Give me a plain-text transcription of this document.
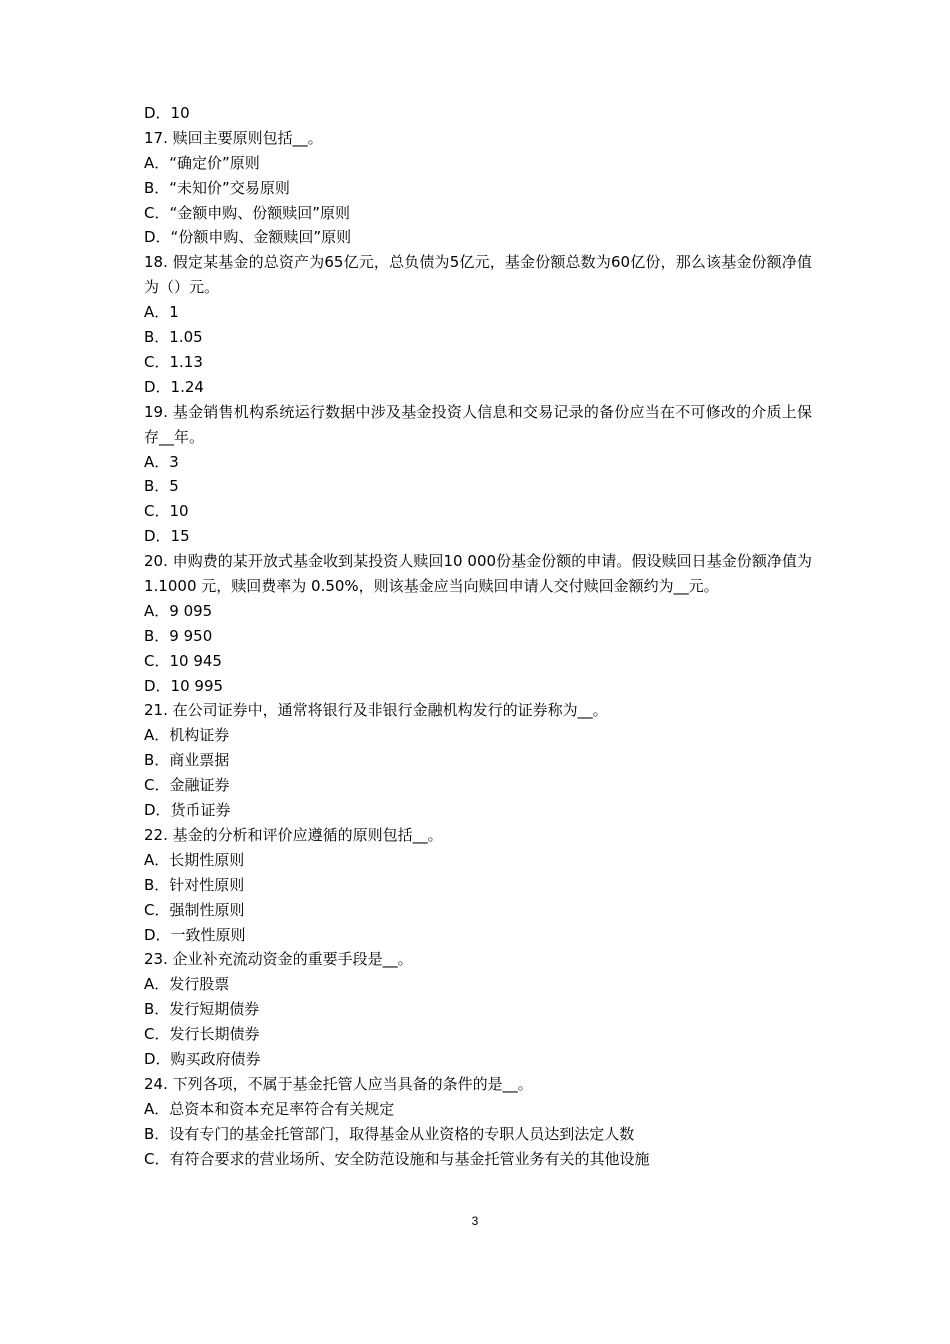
D．10
17. 赎回主要原则包括__。
A．“确定价”原则
B．“未知价”交易原则
C．“金额申购、份额赎回”原则
D．“份额申购、金额赎回”原则
18. 假定某基金的总资产为65亿元，总负债为5亿元，基金份额总数为60亿份，那么该基金份额净值为（）元。
A．1
B．1.05
C．1.13
D．1.24
19. 基金销售机构系统运行数据中涉及基金投资人信息和交易记录的备份应当在不可修改的介质上保存__年。
A．3
B．5
C．10
D．15
20. 申购费的某开放式基金收到某投资人赎回10 000份基金份额的申请。假设赎回日基金份额净值为 1.1000 元，赎回费率为 0.50%，则该基金应当向赎回申请人交付赎回金额约为__元。
A．9 095
B．9 950
C．10 945
D．10 995
21. 在公司证券中，通常将银行及非银行金融机构发行的证券称为__。
A．机构证券
B．商业票据
C．金融证券
D．货币证券
22. 基金的分析和评价应遵循的原则包括__。
A．长期性原则
B．针对性原则
C．强制性原则
D．一致性原则
23. 企业补充流动资金的重要手段是__。
A．发行股票
B．发行短期债券
C．发行长期债券
D．购买政府债券
24. 下列各项，不属于基金托管人应当具备的条件的是__。
A．总资本和资本充足率符合有关规定
B．设有专门的基金托管部门，取得基金从业资格的专职人员达到法定人数
C．有符合要求的营业场所、安全防范设施和与基金托管业务有关的其他设施
3
